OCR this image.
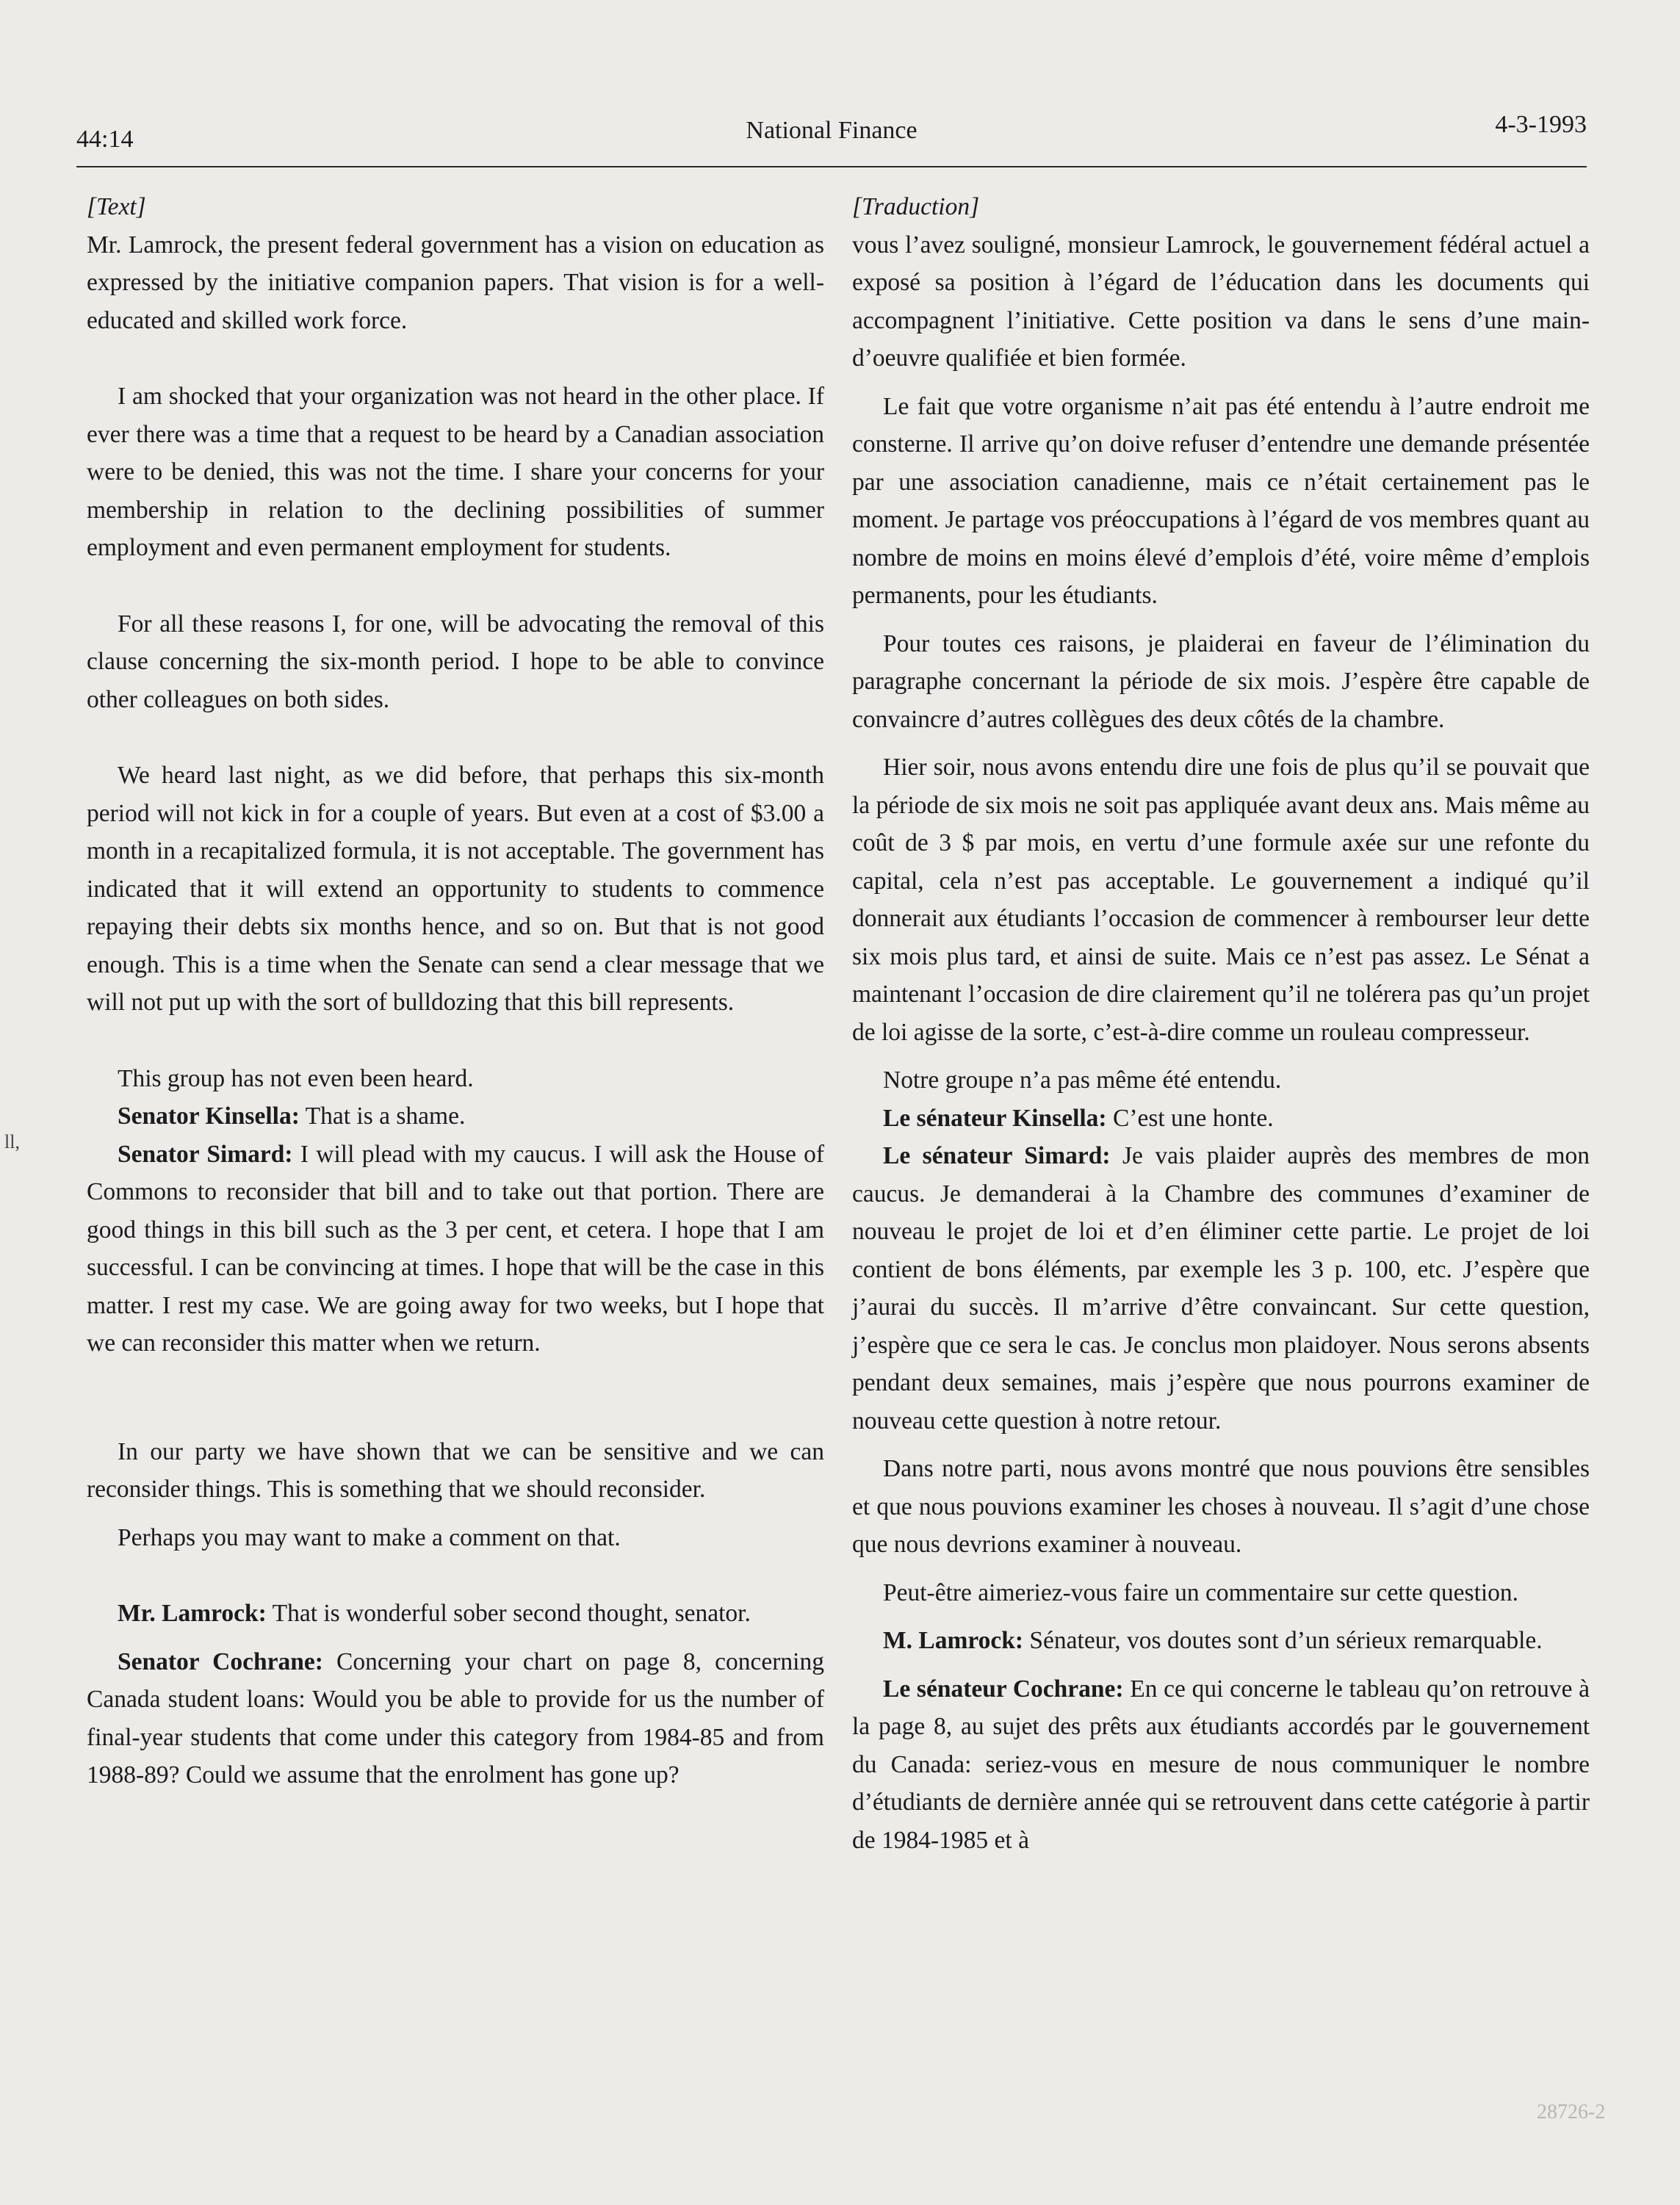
44:14	National Finance	4-3-1993
ll,

[Text]

Mr. Lamrock, the present federal government has a vision on education as expressed by the initiative companion papers. That vision is for a well-educated and skilled work force.

I am shocked that your organization was not heard in the other place. If ever there was a time that a request to be heard by a Canadian association were to be denied, this was not the time. I share your concerns for your membership in relation to the declining possibilities of summer employment and even permanent employment for students.

For all these reasons I, for one, will be advocating the removal of this clause concerning the six-month period. I hope to be able to convince other colleagues on both sides.

We heard last night, as we did before, that perhaps this six-month period will not kick in for a couple of years. But even at a cost of $3.00 a month in a recapitalized formula, it is not acceptable. The government has indicated that it will extend an opportunity to students to commence repaying their debts six months hence, and so on. But that is not good enough. This is a time when the Senate can send a clear message that we will not put up with the sort of bulldozing that this bill represents.

This group has not even been heard.

Senator Kinsella: That is a shame.

Senator Simard: I will plead with my caucus. I will ask the House of Commons to reconsider that bill and to take out that portion. There are good things in this bill such as the 3 per cent, et cetera. I hope that I am successful. I can be convincing at times. I hope that will be the case in this matter. I rest my case. We are going away for two weeks, but I hope that we can reconsider this matter when we return.

In our party we have shown that we can be sensitive and we can reconsider things. This is something that we should reconsider.

Perhaps you may want to make a comment on that.

Mr. Lamrock: That is wonderful sober second thought, senator.

Senator Cochrane: Concerning your chart on page 8, concerning Canada student loans: Would you be able to provide for us the number of final-year students that come under this category from 1984-85 and from 1988-89? Could we assume that the enrolment has gone up?

[Traduction]

vous l’avez souligné, monsieur Lamrock, le gouvernement fédéral actuel a exposé sa position à l’égard de l’éducation dans les documents qui accompagnent l’initiative. Cette position va dans le sens d’une main-d’oeuvre qualifiée et bien formée.

Le fait que votre organisme n’ait pas été entendu à l’autre endroit me consterne. Il arrive qu’on doive refuser d’entendre une demande présentée par une association canadienne, mais ce n’était certainement pas le moment. Je partage vos préoccupations à l’égard de vos membres quant au nombre de moins en moins élevé d’emplois d’été, voire même d’emplois permanents, pour les étudiants.

Pour toutes ces raisons, je plaiderai en faveur de l’élimination du paragraphe concernant la période de six mois. J’espère être capable de convaincre d’autres collègues des deux côtés de la chambre.

Hier soir, nous avons entendu dire une fois de plus qu’il se pouvait que la période de six mois ne soit pas appliquée avant deux ans. Mais même au coût de 3 $ par mois, en vertu d’une formule axée sur une refonte du capital, cela n’est pas acceptable. Le gouvernement a indiqué qu’il donnerait aux étudiants l’occasion de commencer à rembourser leur dette six mois plus tard, et ainsi de suite. Mais ce n’est pas assez. Le Sénat a maintenant l’occasion de dire clairement qu’il ne tolérera pas qu’un projet de loi agisse de la sorte, c’est-à-dire comme un rouleau compresseur.

Notre groupe n’a pas même été entendu.

Le sénateur Kinsella: C’est une honte.

Le sénateur Simard: Je vais plaider auprès des membres de mon caucus. Je demanderai à la Chambre des communes d’examiner de nouveau le projet de loi et d’en éliminer cette partie. Le projet de loi contient de bons éléments, par exemple les 3 p. 100, etc. J’espère que j’aurai du succès. Il m’arrive d’être convaincant. Sur cette question, j’espère que ce sera le cas. Je conclus mon plaidoyer. Nous serons absents pendant deux semaines, mais j’espère que nous pourrons examiner de nouveau cette question à notre retour.

Dans notre parti, nous avons montré que nous pouvions être sensibles et que nous pouvions examiner les choses à nouveau. Il s’agit d’une chose que nous devrions examiner à nouveau.

Peut-être aimeriez-vous faire un commentaire sur cette question.

M. Lamrock: Sénateur, vos doutes sont d’un sérieux remarquable.

Le sénateur Cochrane: En ce qui concerne le tableau qu’on retrouve à la page 8, au sujet des prêts aux étudiants accordés par le gouvernement du Canada: seriez-vous en mesure de nous communiquer le nombre d’étudiants de dernière année qui se retrouvent dans cette catégorie à partir de 1984-1985 et à

28726-2
